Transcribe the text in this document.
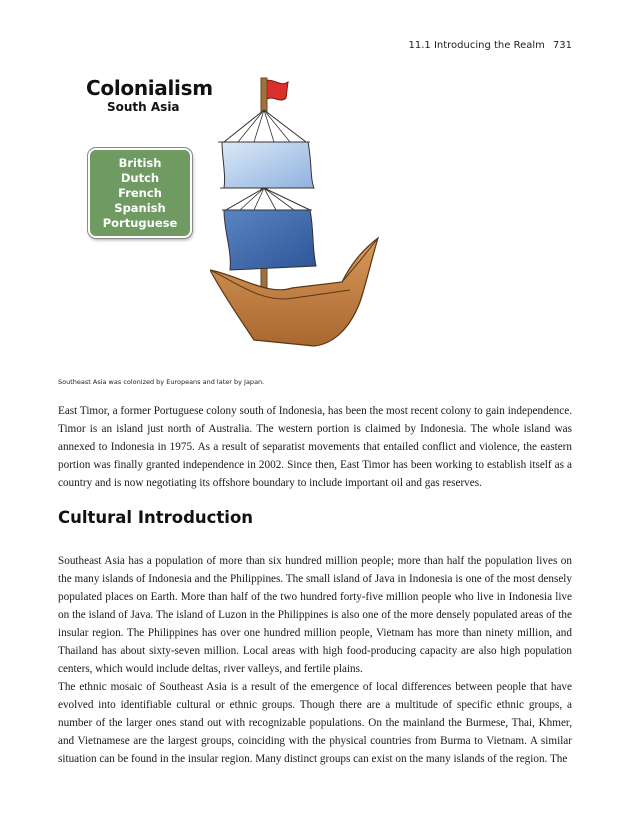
11.1 Introducing the Realm 731
Colonialism
South Asia
British
Dutch
French
Spanish
Portuguese
Southeast Asia was colonized by Europeans and later by Japan.

East Timor, a former Portuguese colony south of Indonesia, has been the most recent colony to gain independence. Timor is an island just north of Australia. The western portion is claimed by Indonesia. The whole island was annexed to Indonesia in 1975. As a result of separatist movements that entailed conflict and violence, the eastern portion was finally granted independence in 2002. Since then, East Timor has been working to establish itself as a country and is now negotiating its offshore boundary to include important oil and gas reserves.

Cultural Introduction

Southeast Asia has a population of more than six hundred million people; more than half the population lives on the many islands of Indonesia and the Philippines. The small island of Java in Indonesia is one of the most densely populated places on Earth. More than half of the two hundred forty-five million people who live in Indonesia live on the island of Java. The island of Luzon in the Philippines is also one of the more densely populated areas of the insular region. The Philippines has over one hundred million people, Vietnam has more than ninety million, and Thailand has about sixty-seven million. Local areas with high food-producing capacity are also high population centers, which would include deltas, river valleys, and fertile plains.

The ethnic mosaic of Southeast Asia is a result of the emergence of local differences between people that have evolved into identifiable cultural or ethnic groups. Though there are a multitude of specific ethnic groups, a number of the larger ones stand out with recognizable populations. On the mainland the Burmese, Thai, Khmer, and Vietnamese are the largest groups, coinciding with the physical countries from Burma to Vietnam. A similar situation can be found in the insular region. Many distinct groups can exist on the many islands of the region. The
